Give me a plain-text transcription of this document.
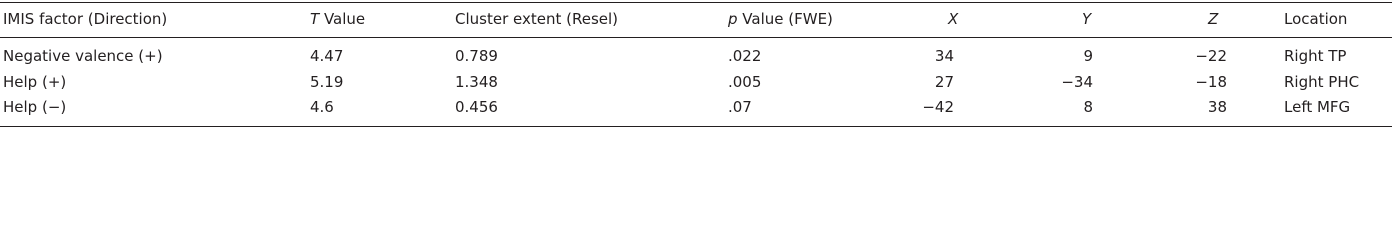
IMIS factor (Direction)	T Value	Cluster extent (Resel)	p Value (FWE)	X	Y	Z	Location
Negative valence (+)	4.47	0.789	.022	34	9	−22	Right TP
Help (+)	5.19	1.348	.005	27	−34	−18	Right PHC
Help (−)	4.6	0.456	.07	−42	8	38	Left MFG
